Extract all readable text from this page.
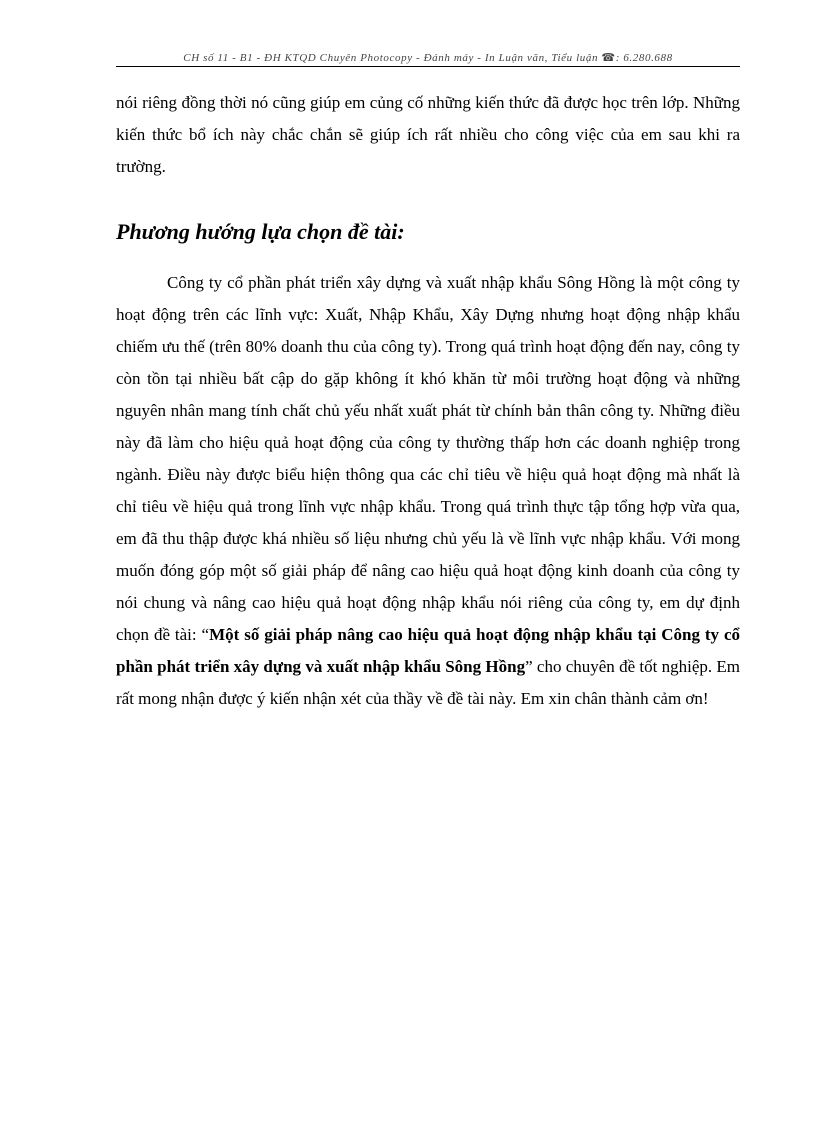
CH số 11 - B1 - ĐH KTQD Chuyên Photocopy - Đánh máy - In Luận văn, Tiểu luận ☎: 6.280.688

nói riêng đồng thời nó cũng giúp em củng cố những kiến thức đã được học trên lớp. Những kiến thức bổ ích này chắc chắn sẽ giúp ích rất nhiều cho công việc của em sau khi ra trường.

Phương hướng lựa chọn đề tài:

Công ty cổ phần phát triển xây dựng và xuất nhập khẩu Sông Hồng là một công ty hoạt động trên các lĩnh vực: Xuất, Nhập Khẩu, Xây Dựng nhưng hoạt động nhập khẩu chiếm ưu thế (trên 80% doanh thu của công ty). Trong quá trình hoạt động đến nay, công ty còn tồn tại nhiều bất cập do gặp không ít khó khăn từ môi trường hoạt động và những nguyên nhân mang tính chất chủ yếu nhất xuất phát từ chính bản thân công ty. Những điều này đã làm cho hiệu quả hoạt động của công ty thường thấp hơn các doanh nghiệp trong ngành. Điều này được biểu hiện thông qua các chỉ tiêu về hiệu quả hoạt động mà nhất là chỉ tiêu về hiệu quả trong lĩnh vực nhập khẩu. Trong quá trình thực tập tổng hợp vừa qua, em đã thu thập được khá nhiều số liệu nhưng chủ yếu là về lĩnh vực nhập khẩu. Với mong muốn đóng góp một số giải pháp để nâng cao hiệu quả hoạt động kinh doanh của công ty nói chung và nâng cao hiệu quả hoạt động nhập khẩu nói riêng của công ty, em dự định chọn đề tài: “Một số giải pháp nâng cao hiệu quả hoạt động nhập khẩu tại Công ty cổ phần phát triển xây dựng và xuất nhập khẩu Sông Hồng” cho chuyên đề tốt nghiệp. Em rất mong nhận được ý kiến nhận xét của thầy về đề tài này. Em xin chân thành cảm ơn!
